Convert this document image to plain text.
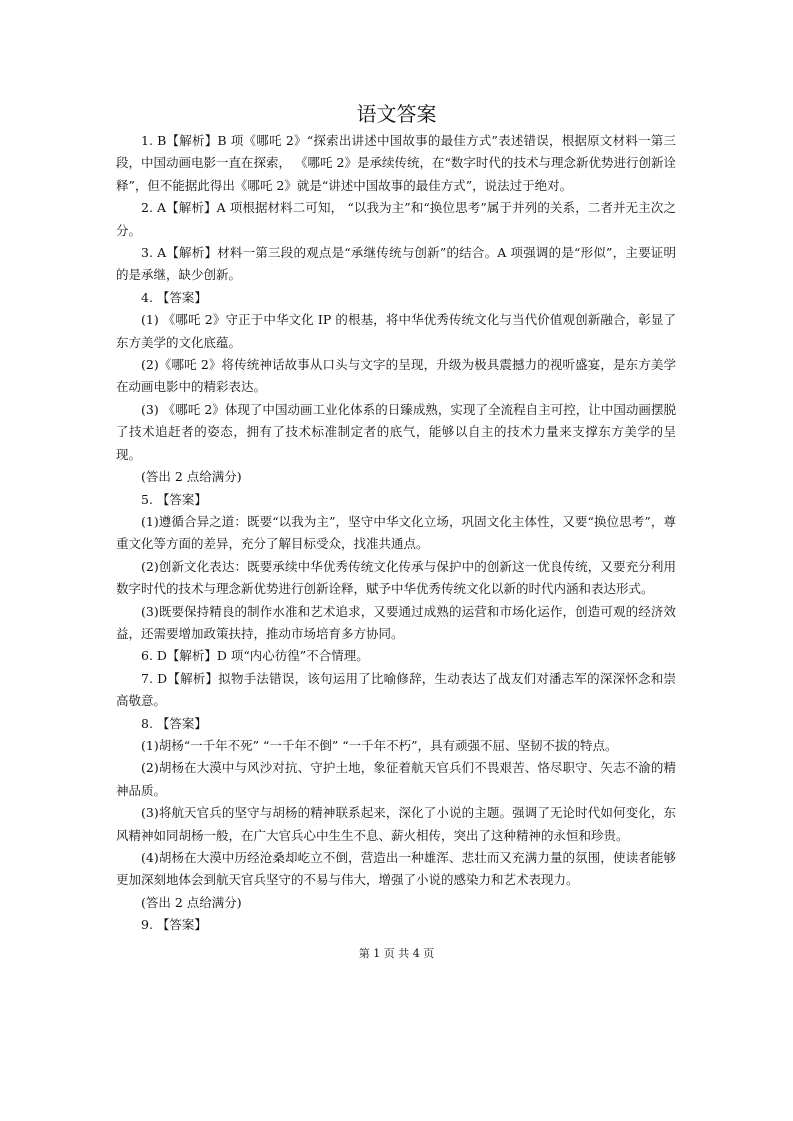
语文答案

1. B【解析】B 项《哪吒 2》“探索出讲述中国故事的最佳方式”表述错误，根据原文材料一第三段，中国动画电影一直在探索， 《哪吒 2》是承续传统，在“数字时代的技术与理念新优势进行创新诠释”，但不能据此得出《哪吒 2》就是“讲述中国故事的最佳方式”，说法过于绝对。

2. A【解析】A 项根据材料二可知， “以我为主”和“换位思考”属于并列的关系，二者并无主次之分。

3. A【解析】材料一第三段的观点是“承继传统与创新”的结合。A 项强调的是“形似”，主要证明的是承继，缺少创新。

4. 【答案】

(1) 《哪吒 2》守正于中华文化 IP 的根基，将中华优秀传统文化与当代价值观创新融合，彰显了东方美学的文化底蕴。

(2)《哪吒 2》将传统神话故事从口头与文字的呈现，升级为极具震撼力的视听盛宴，是东方美学在动画电影中的精彩表达。

(3) 《哪吒 2》体现了中国动画工业化体系的日臻成熟，实现了全流程自主可控，让中国动画摆脱了技术追赶者的姿态，拥有了技术标准制定者的底气，能够以自主的技术力量来支撑东方美学的呈现。

(答出 2 点给满分)

5. 【答案】

(1)遵循合异之道：既要“以我为主”，坚守中华文化立场，巩固文化主体性，又要“换位思考”，尊重文化等方面的差异，充分了解目标受众，找准共通点。

(2)创新文化表达：既要承续中华优秀传统文化传承与保护中的创新这一优良传统，又要充分利用数字时代的技术与理念新优势进行创新诠释，赋予中华优秀传统文化以新的时代内涵和表达形式。

(3)既要保持精良的制作水准和艺术追求，又要通过成熟的运营和市场化运作，创造可观的经济效益，还需要增加政策扶持，推动市场培育多方协同。

6. D【解析】D 项“内心彷徨”不合情理。

7. D【解析】拟物手法错误，该句运用了比喻修辞，生动表达了战友们对潘志军的深深怀念和崇高敬意。

8. 【答案】

(1)胡杨“一千年不死” “一千年不倒” “一千年不朽”，具有顽强不屈、坚韧不拔的特点。

(2)胡杨在大漠中与风沙对抗、守护土地，象征着航天官兵们不畏艰苦、恪尽职守、矢志不渝的精神品质。

(3)将航天官兵的坚守与胡杨的精神联系起来，深化了小说的主题。强调了无论时代如何变化，东风精神如同胡杨一般，在广大官兵心中生生不息、薪火相传，突出了这种精神的永恒和珍贵。

(4)胡杨在大漠中历经沧桑却屹立不倒，营造出一种雄浑、悲壮而又充满力量的氛围，使读者能够更加深刻地体会到航天官兵坚守的不易与伟大，增强了小说的感染力和艺术表现力。

(答出 2 点给满分)

9. 【答案】

第 1 页 共 4 页
